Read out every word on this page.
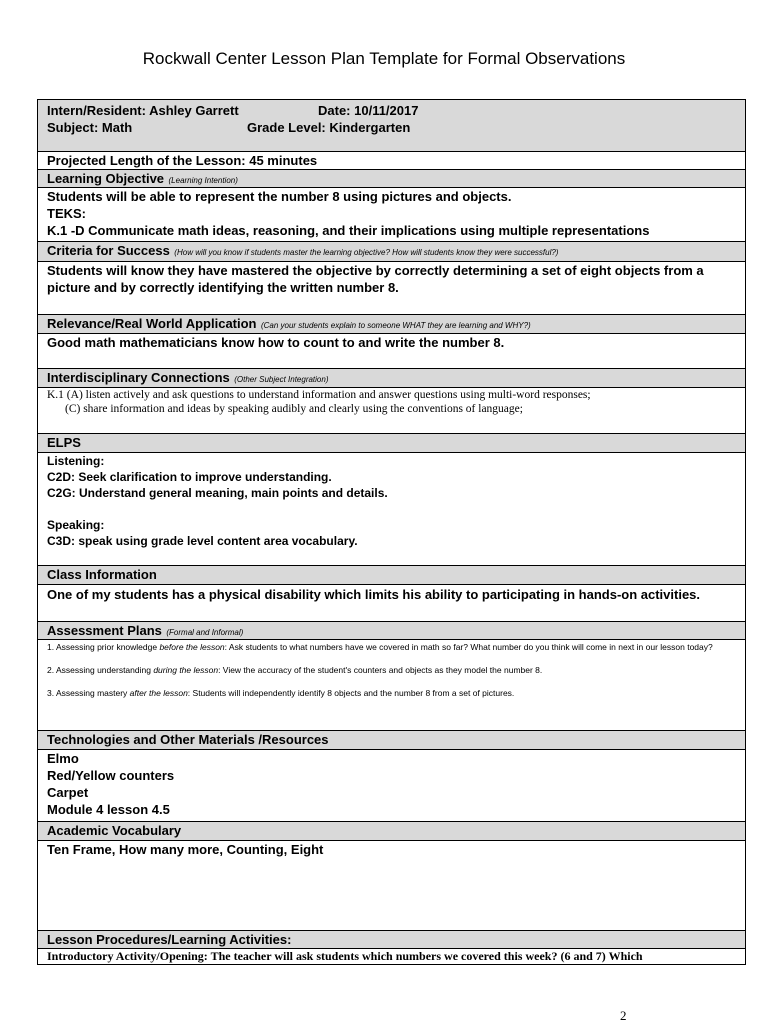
Rockwall Center Lesson Plan Template for Formal Observations
Intern/Resident: Ashley Garrett	Date: 10/11/2017
Subject: Math	Grade Level: Kindergarten
Projected Length of the Lesson: 45 minutes
Learning Objective (Learning Intention)
Students will be able to represent the number 8 using pictures and objects.
TEKS:
K.1 -D Communicate math ideas, reasoning, and their implications using multiple representations
Criteria for Success (How will you know if students master the learning objective? How will students know they were successful?)
Students will know they have mastered the objective by correctly determining a set of eight objects from a picture and by correctly identifying the written number 8.
Relevance/Real World Application (Can your students explain to someone WHAT they are learning and WHY?)
Good math mathematicians know how to count to and write the number 8.
Interdisciplinary Connections (Other Subject Integration)
K.1 (A) listen actively and ask questions to understand information and answer questions using multi-word responses;
(C) share information and ideas by speaking audibly and clearly using the conventions of language;
ELPS
Listening:
C2D: Seek clarification to improve understanding.
C2G: Understand general meaning, main points and details.
Speaking:
C3D: speak using grade level content area vocabulary.
Class Information
One of my students has a physical disability which limits his ability to participating in hands-on activities.
Assessment Plans (Formal and Informal)
1. Assessing prior knowledge before the lesson: Ask students to what numbers have we covered in math so far? What number do you think will come in next in our lesson today?
2. Assessing understanding during the lesson: View the accuracy of the student's counters and objects as they model the number 8.
3. Assessing mastery after the lesson: Students will independently identify 8 objects and the number 8 from a set of pictures.
Technologies and Other Materials /Resources
Elmo
Red/Yellow counters
Carpet
Module 4 lesson 4.5
Academic Vocabulary
Ten Frame, How many more, Counting, Eight
Lesson Procedures/Learning Activities:
Introductory Activity/Opening: The teacher will ask students which numbers we covered this week? (6 and 7) Which
2
